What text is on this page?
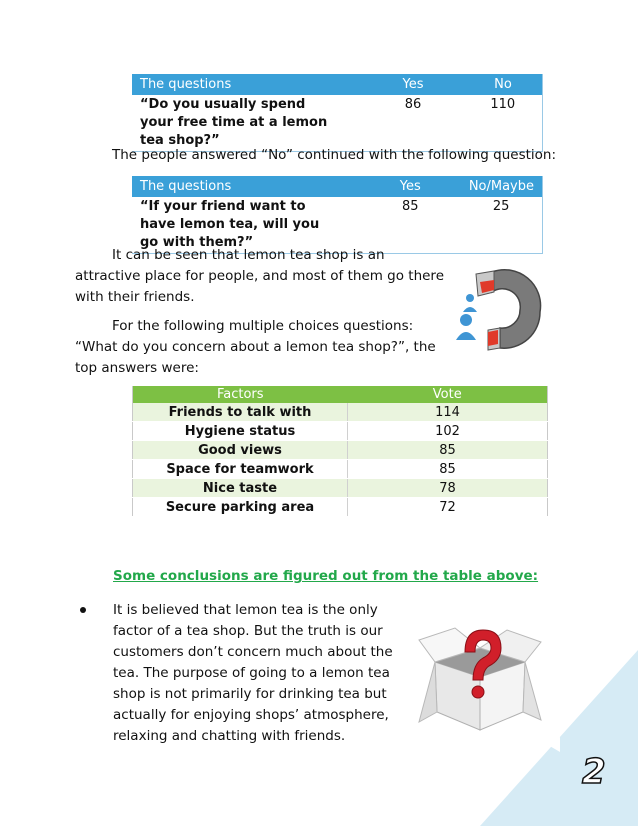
The questions	Yes	No

“Do you usually spend
your free time at a lemon
tea shop?”	86	110

The people answered “No” continued with the following question:

The questions	Yes	No/Maybe

“If your friend want to
have lemon tea, will you
go with them?”	85	25
It can be seen that lemon tea shop is an
attractive place for people, and most of them go there
with their friends.
For the following multiple choices questions:
“What do you concern about a lemon tea shop?”, the
top answers were:
Factors	Vote
Friends to talk with	114
Hygiene status	102
Good views	85
Space for teamwork	85
Nice taste	78
Secure parking area	72

Some conclusions are figured out from the table above:

It is believed that lemon tea is the only
factor of a tea shop. But the truth is our
customers don’t concern much about the
tea. The purpose of going to a lemon tea
shop is not primarily for drinking tea but
actually for enjoying shops’ atmosphere,
relaxing and chatting with friends.
2
